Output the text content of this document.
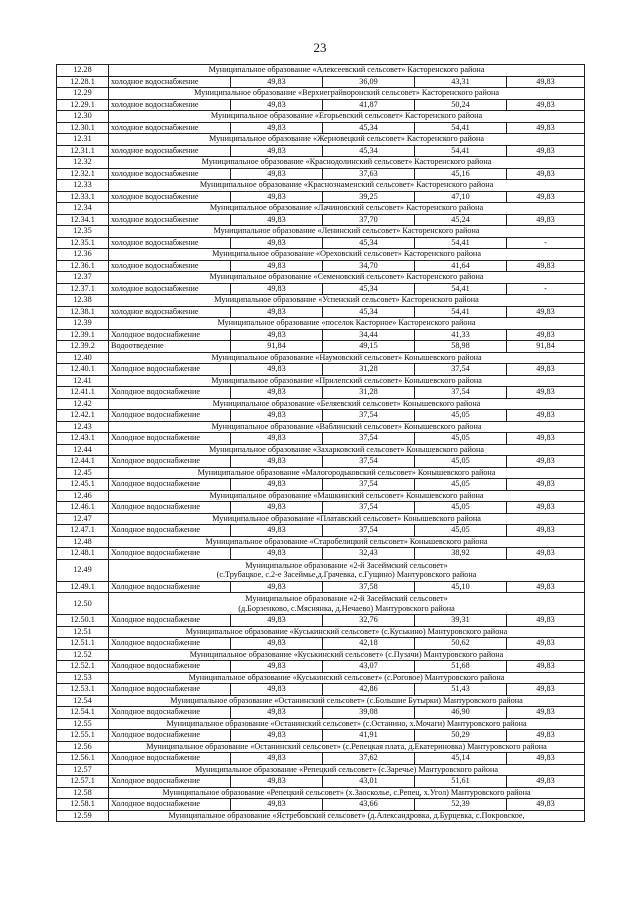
23
12.28	Муниципальное образование «Алексеевский сельсовет» Касторенского района				
12.28.1	холодное водоснабжение	49,83	36,09	43,31	49,83
12.29	Муниципальное образование «Верхнеграйворонский сельсовет» Касторенского района				
12.29.1	холодное водоснабжение	49,83	41,87	50,24	49,83
12.30	Муниципальное образование «Егорьевский сельсовет» Касторенского района				
12.30.1	холодное водоснабжение	49,83	45,34	54,41	49,83
12.31	Муниципальное образование «Жерновецкий сельсовет» Касторенского района				
12.31.1	холодное водоснабжение	49,83	45,34	54,41	49,83
12.32	Муниципальное образование «Краснодолинский сельсовет» Касторенского района				
12.32.1	холодное водоснабжение	49,83	37,63	45,16	49,83
12.33	Муниципальное образование «Краснознаменский сельсовет» Касторенского района				
12.33.1	холодное водоснабжение	49,83	39,25	47,10	49,83
12.34	Муниципальное образование «Лачиновский сельсовет» Касторенского района				
12.34.1	холодное водоснабжение	49,83	37,70	45,24	49,83
12.35	Муниципальное образование «Ленинский сельсовет» Касторенского района				
12.35.1	холодное водоснабжение	49,83	45,34	54,41	-
12.36	Муниципальное образование «Ореховский сельсовет» Касторенского района				
12.36.1	холодное водоснабжение	49,83	34,70	41,64	49,83
12.37	Муниципальное образование «Семеновский сельсовет» Касторенского района				
12.37.1	холодное водоснабжение	49,83	45,34	54,41	-
12.38	Муниципальное образование «Успенский сельсовет» Касторенского района				
12.38.1	холодное водоснабжение	49,83	45,34	54,41	49,83
12.39	Муниципальное образование «поселок Касторное» Касторенского района				
12.39.1	Холодное водоснабжение	49,83	34,44	41,33	49,83
12.39.2	Водоотведение	91,84	49,15	58,98	91,84
12.40	Муниципальное образование «Наумовский сельсовет» Конышевского района				
12.40.1	Холодное водоснабжение	49,83	31,28	37,54	49,83
12.41	Муниципальное образование «Прилепский сельсовет» Конышевского района				
12.41.1	Холодное водоснабжение	49,83	31,28	37,54	49,83
12.42	Муниципальное образование «Беляевский сельсовет» Конышевского района				
12.42.1	Холодное водоснабжение	49,83	37,54	45,05	49,83
12.43	Муниципальное образование «Ваблинский сельсовет» Конышевского района				
12.43.1	Холодное водоснабжение	49,83	37,54	45,05	49,83
12.44	Муниципальное образование «Захарковский сельсовет» Конышевского района				
12.44.1	Холодное водоснабжение	49,83	37,54	45,05	49,83
12.45	Муниципальное образование «Малогородьковский сельсовет» Конышевского района				
12.45.1	Холодное водоснабжение	49,83	37,54	45,05	49,83
12.46	Муниципальное образование «Машкинский сельсовет» Конышевского района				
12.46.1	Холодное водоснабжение	49,83	37,54	45,05	49,83
12.47	Муниципальное образование «Платавский сельсовет» Конышевского района				
12.47.1	Холодное водоснабжение	49,83	37,54	45,05	49,83
12.48	Муниципальное образование «Старобелицкий сельсовет» Конышевского района				
12.48.1	Холодное водоснабжение	49,83	32,43	38,92	49,83
12.49	Муниципальное образование «2-й Засеймский сельсовет»
(с.Трубацкое, с.2-е Засеймье,д.Грачевка, с.Гущино) Мантуровского района				

12.49.1	Холодное водоснабжение	49,83	37,58	45,10	49,83
12.50	Муниципальное образование «2-й Засеймский сельсовет»
(д.Борзенково, с.Мяснянка, д.Нечаево) Мантуровского района				

12.50.1	Холодное водоснабжение	49,83	32,76	39,31	49,83
12.51	Муниципальное образование «Куськинский сельсовет» (с.Куськино) Мантуровского района				
12.51.1	Холодное водоснабжение	49,83	42,18	50,62	49,83
12.52	Муниципальное образование «Куськинский сельсовет» (с.Пузачи) Мантуровского района				
12.52.1	Холодное водоснабжение	49,83	43,07	51,68	49,83
12.53	Муниципальное образование «Куськинский сельсовет» (с.Роговое) Мантуровского района				
12.53.1	Холодное водоснабжение	49,83	42,86	51,43	49,83
12.54	Муниципальное образование «Останинский сельсовет» (с.Большие Бутырки) Мантуровского района				
12.54.1	Холодное водоснабжение	49,83	39,08	46,90	49,83
12.55	Муниципальное образование «Останинский сельсовет» (с.Останино, х.Мочаги) Мантуровского района				
12.55.1	Холодное водоснабжение	49,83	41,91	50,29	49,83
12.56	Муниципальное образование «Останинский сельсовет» (с.Репецкая плата, д.Екатериновка) Мантуровского района				
12.56.1	Холодное водоснабжение	49,83	37,62	45,14	49,83
12.57	Муниципальное образование «Репецкий сельсовет» (с.Заречье) Мантуровского района				
12.57.1	Холодное водоснабжение	49,83	43,01	51,61	49,83
12.58	Муниципальное образование «Репецкий сельсовет» (х.Заосколье, с.Репец, х.Угол) Мантуровского района				
12.58.1	Холодное водоснабжение	49,83	43,66	52,39	49,83
12.59	Муниципальное образование «Ястребовский сельсовет» (д.Александровка, д.Бурцевка, с.Покровское,				
